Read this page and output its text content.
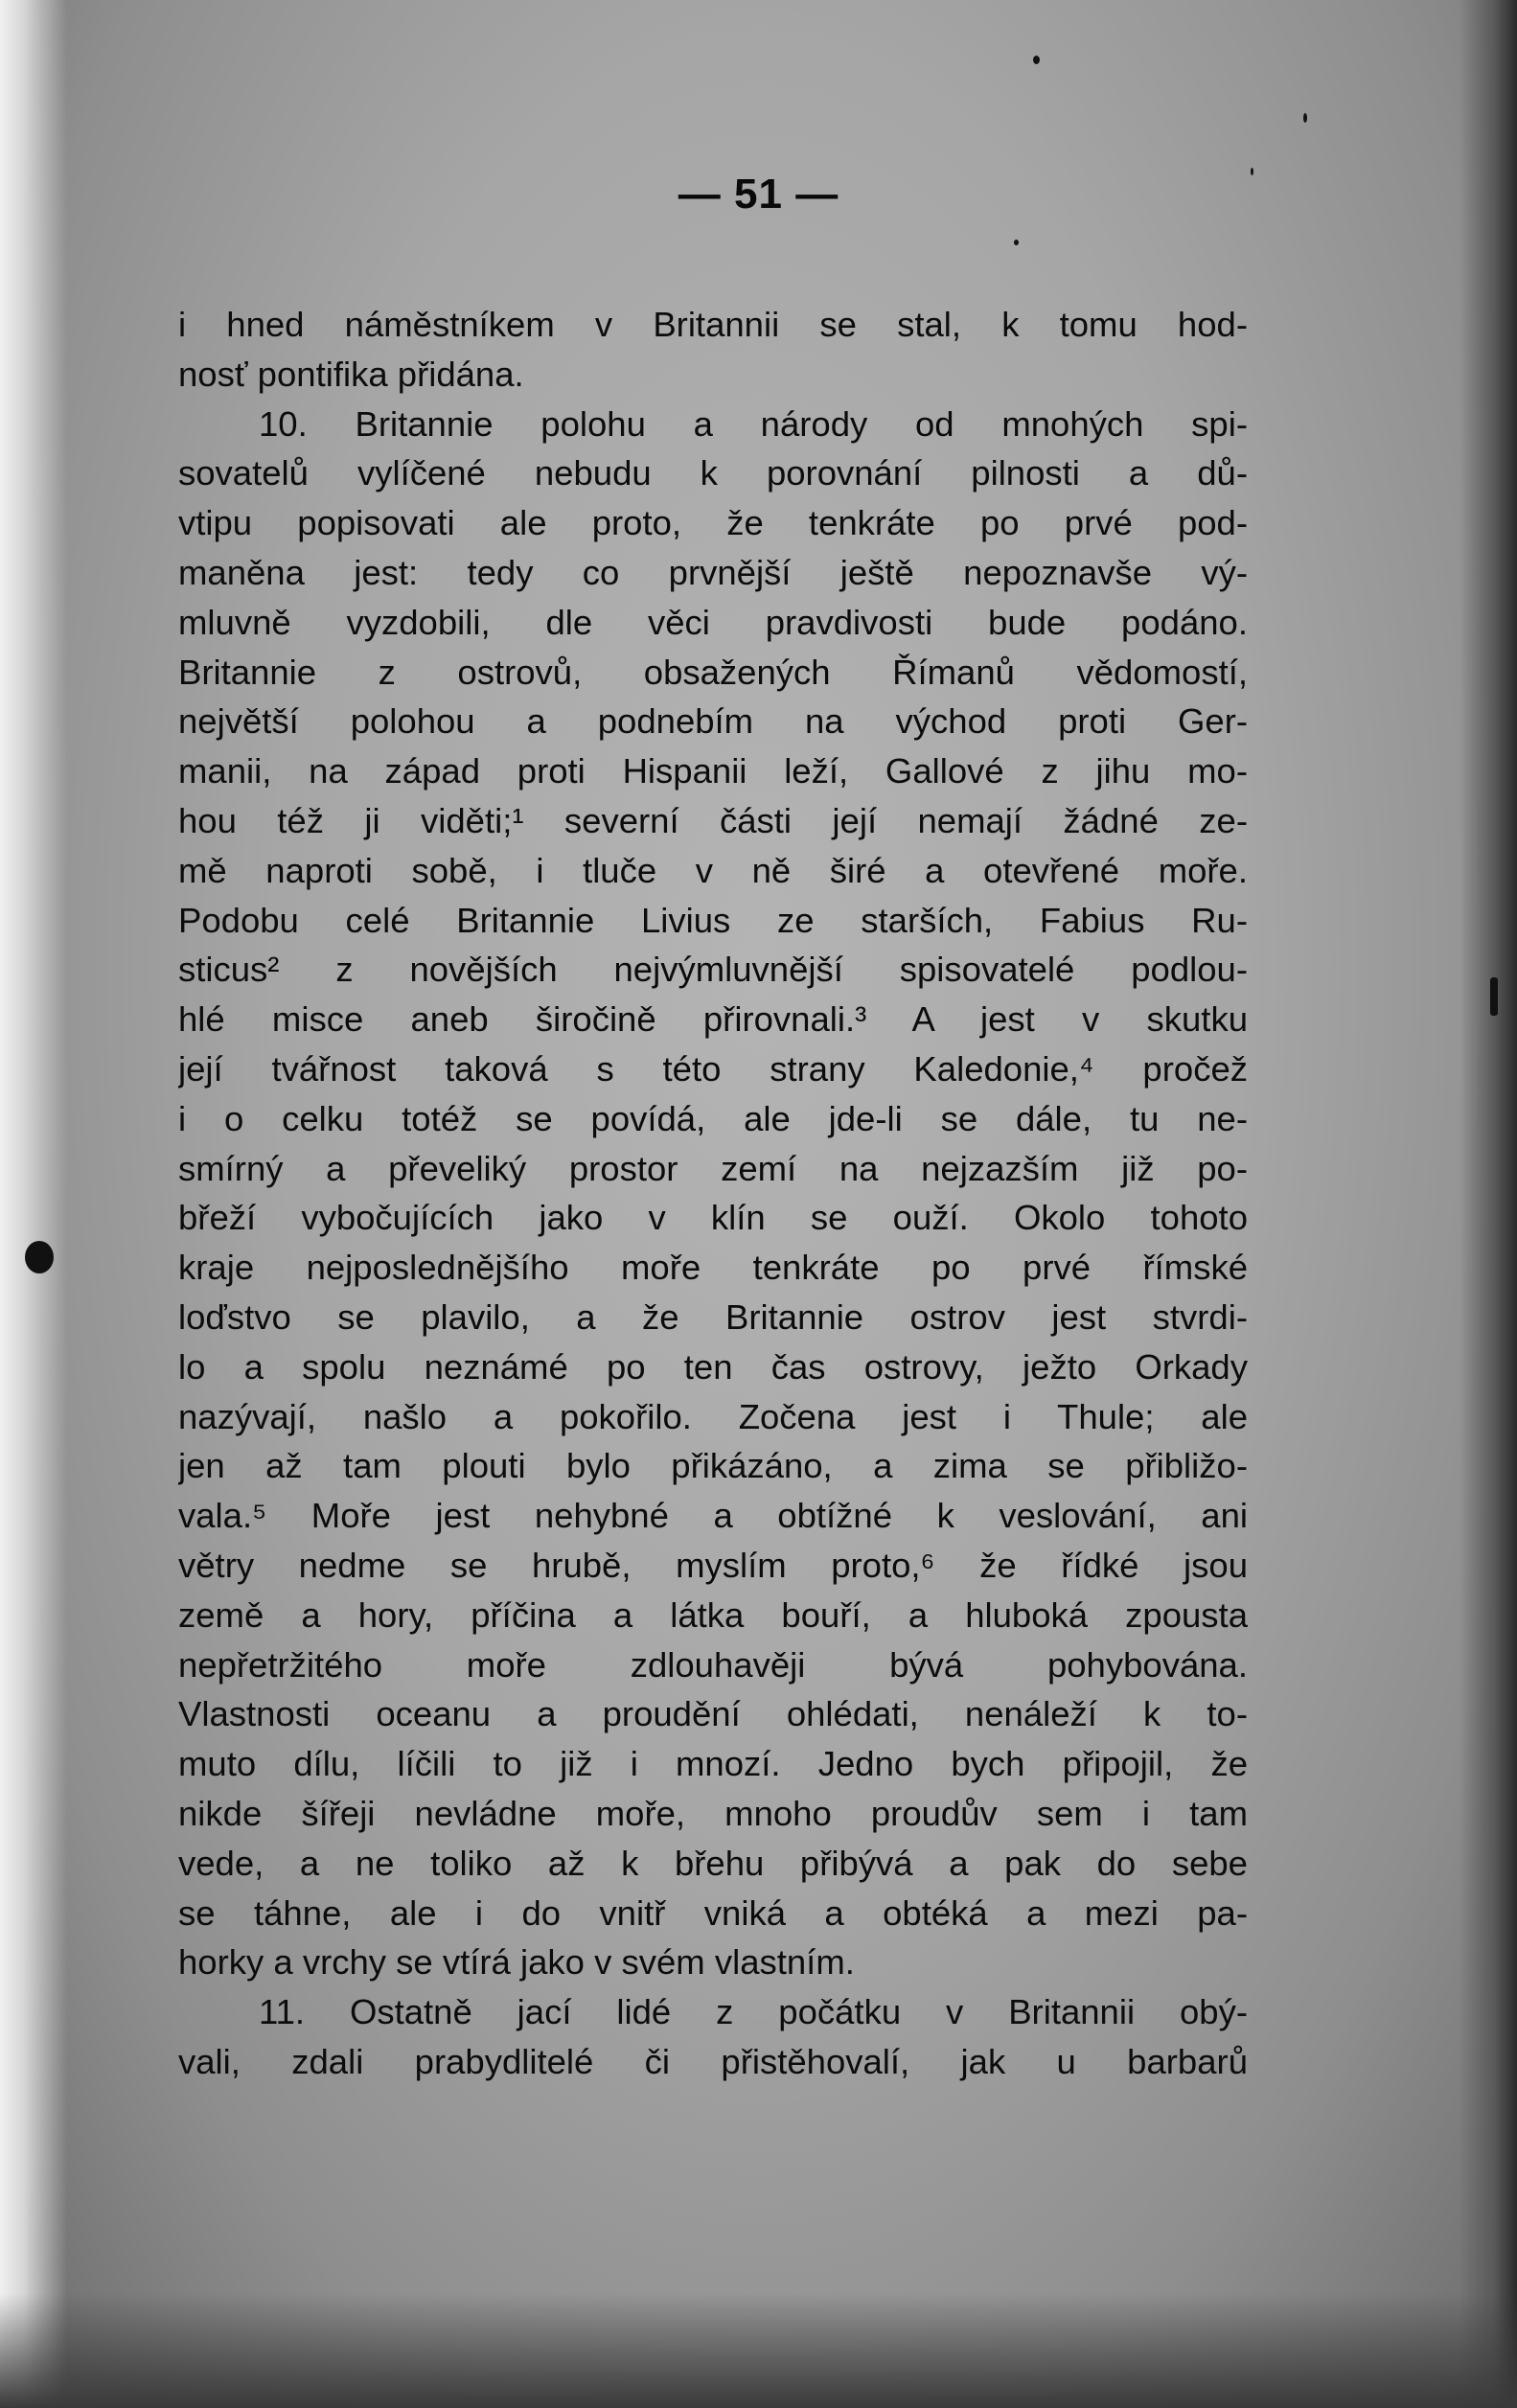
— 51 —
i hned náměstníkem v Britannii se stal, k tomu hod-
nosť pontifika přidána.
10. Britannie polohu a národy od mnohých spi-
sovatelů vylíčené nebudu k porovnání pilnosti a dů-
vtipu popisovati ale proto, že tenkráte po prvé pod-
maněna jest: tedy co prvnější ještě nepoznavše vý-
mluvně vyzdobili, dle věci pravdivosti bude podáno.
Britannie z ostrovů, obsažených Římanů vědomostí,
největší polohou a podnebím na východ proti Ger-
manii, na západ proti Hispanii leží, Gallové z jihu mo-
hou též ji viděti;¹ severní části její nemají žádné ze-
mě naproti sobě, i tluče v ně širé a otevřené moře.
Podobu celé Britannie Livius ze starších, Fabius Ru-
sticus² z novějších nejvýmluvnější spisovatelé podlou-
hlé misce aneb širočině přirovnali.³ A jest v skutku
její tvářnost taková s této strany Kaledonie,⁴ pročež
i o celku totéž se povídá, ale jde-li se dále, tu ne-
smírný a převeliký prostor zemí na nejzazším již po-
břeží vybočujících jako v klín se ouží. Okolo tohoto
kraje nejposlednějšího moře tenkráte po prvé římské
loďstvo se plavilo, a že Britannie ostrov jest stvrdi-
lo a spolu neznámé po ten čas ostrovy, ježto Orkady
nazývají, našlo a pokořilo. Zočena jest i Thule; ale
jen až tam plouti bylo přikázáno, a zima se přibližo-
vala.⁵ Moře jest nehybné a obtížné k veslování, ani
větry nedme se hrubě, myslím proto,⁶ že řídké jsou
země a hory, příčina a látka bouří, a hluboká zpousta
nepřetržitého moře zdlouhavěji bývá pohybována.
Vlastnosti oceanu a proudění ohlédati, nenáleží k to-
muto dílu, líčili to již i mnozí. Jedno bych připojil, že
nikde šířeji nevládne moře, mnoho proudův sem i tam
vede, a ne toliko až k břehu přibývá a pak do sebe
se táhne, ale i do vnitř vniká a obtéká a mezi pa-
horky a vrchy se vtírá jako v svém vlastním.
11. Ostatně jací lidé z počátku v Britannii obý-
vali, zdali prabydlitelé či přistěhovalí, jak u barbarů
